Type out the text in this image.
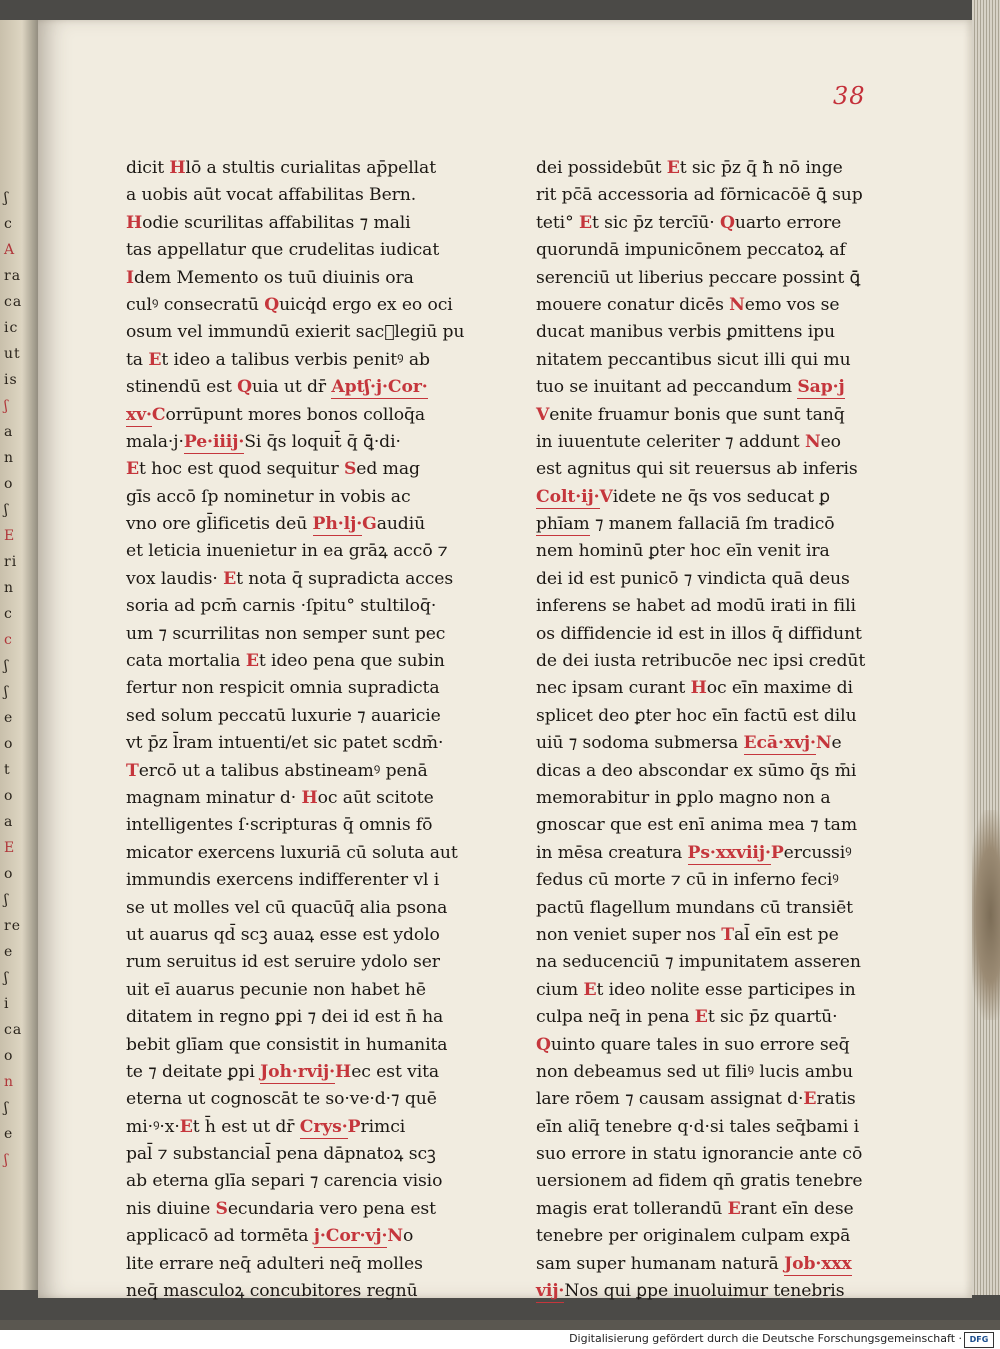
ʃ
c
A
ra
ca
ic
ut
is
ʃ
a
n
o
ʃ
E
ri
n
c
c
ʃ
ʃ
e
o
t
o
a
E
o
ʃ
re
e
ʃ
i
ca
o
n
ʃ
e
ʃ
38
dicit Hlō a stultis curialitas ap̄pellat
a uobis aūt vocat affabilitas Bern.
Hodie scurilitas affabilitas ⁊ mali
tas appellatur que crudelitas iudicat
Idem Memento os tuū diuinis ora
culꝰ consecratū Quicq̇d ergo ex eo oci
osum vel immundū exierit sacᷝlegiū pu
ta Et ideo a talibus verbis penitꝰ ab
stinendū est Quia ut dr̄ Aptʃ·j·Cor·
xv·Corrūpunt mores bonos colloq̄a
mala·j·Pe·iiij·Si q̄s loquit̄ q̄ ꝗ̄·di·
Et hoc est quod sequitur Sed mag
gīs accō ſp nominetur in vobis ac
vno ore gl̄ificetis deū Ph·lj·Gaudiū
et leticia inuenietur in ea grāꝝ accō ⁊
vox laudis· Et nota q̄ supradicta acces
soria ad pcm̄ carnis ·ſpitu° stultiloq̄·
um ⁊ scurrilitas non semper sunt pec
cata mortalia Et ideo pena que subin
fertur non respicit omnia supradicta
sed solum peccatū luxurie ⁊ auaricie
vt p̄z l̄ram intuenti/et sic patet scdm̄·
Tercō ut a talibus abstineamꝰ penā
magnam minatur d· Hoc aūt scitote
intelligentes ſ·scripturas q̄ omnis fō
micator exercens luxuriā cū soluta aut
immundis exercens indifferenter vl i
se ut molles vel cū quacūq̄ alia psona
ut auarus qd̄ scꝫ auaꝝ esse est ydolo
rum seruitus id est seruire ydolo ser
uit eī auarus pecunie non habet hē
ditatem in regno ꝑpi ⁊ dei id est n̄ ha
bebit glīam que consistit in humanita
te ⁊ deitate ꝑpi Joh·rvij·Hec est vita
eterna ut cognoscāt te so·ve·d·⁊ quē
mi·ꝰ·x·Et h̄ est ut dr̄ Crys·Primci
pal̄ ⁊ substancial̄ pena dāpnatoꝝ scꝫ
ab eterna glīa separi ⁊ carencia visio
nis diuine Secundaria vero pena est
applicacō ad tormēta j·Cor·vj·No
lite errare neq̄ adulteri neq̄ molles
neq̄ masculoꝝ concubitores regnū
dei possidebūt Et sic p̄z q̄ ħ nō inge
rit pc̄ā accessoria ad fōrnicacōē ꝗ̄ sup
teti° Et sic p̄z tercīū· Quarto errore
quorundā impunicōnem peccatoꝝ af
serenciū ut liberius peccare possint ꝗ̄
mouere conatur dicēs Nemo vos se
ducat manibus verbis ꝑmittens ipu
nitatem peccantibus sicut illi qui mu
tuo se inuitant ad peccandum Sap·j
Venite fruamur bonis que sunt tanq̄
in iuuentute celeriter ⁊ addunt Neo
est agnitus qui sit reuersus ab inferis
Colt·ij·Videte ne q̄s vos seducat ꝑ
phīam ⁊ manem fallaciā ſm tradicō
nem hominū ꝑter hoc eīn venit ira
dei id est punicō ⁊ vindicta quā deus
inferens se habet ad modū irati in fili
os diffidencie id est in illos q̄ diffidunt
de dei iusta retribucōe nec ipsi credūt
nec ipsam curant Hoc eīn maxime di
splicet deo ꝑter hoc eīn factū est dilu
uiū ⁊ sodoma submersa Ecā·xvj·Ne
dicas a deo abscondar ex sūmo q̄s m̄i
memorabitur in ꝑplo magno non a
gnoscar que est enī anima mea ⁊ tam
in mēsa creatura Ps·xxviij·Percussiꝰ
fedus cū morte ⁊ cū in inferno feciꝰ
pactū flagellum mundans cū transiēt
non veniet super nos Tal̄ eīn est pe
na seducenciū ⁊ impunitatem asseren
cium Et ideo nolite esse participes in
culpa neq̄ in pena Et sic p̄z quartū·
Quinto quare tales in suo errore seq̄
non debeamus sed ut filiꝰ lucis ambu
lare rōem ⁊ causam assignat d·Eratis
eīn aliq̄ tenebre q·d·si tales seq̄bami i
suo errore in statu ignorancie ante cō
uersionem ad fidem qn̄ gratis tenebre
magis erat tollerandū Erant eīn dese
tenebre per originalem culpam expā
sam super humanam naturā Job·xxx
vij·Nos qui ꝑpe inuoluimur tenebris
Digitalisierung gefördert durch die Deutsche Forschungsgemeinschaft · DFG
